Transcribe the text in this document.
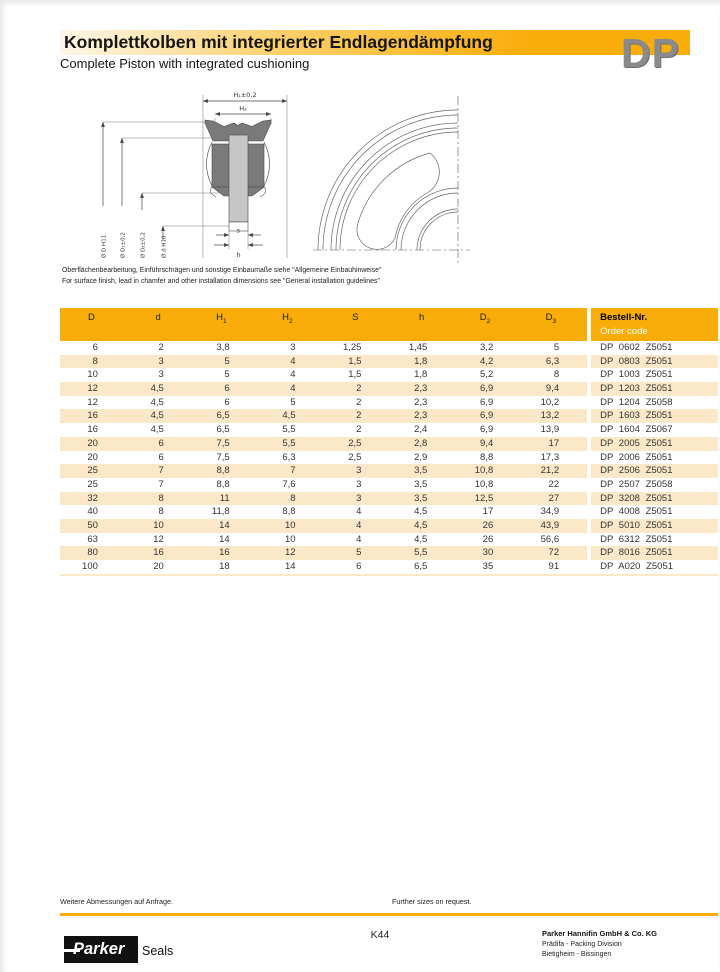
Komplettkolben mit integrierter Endlagendämpfung	DP
Complete Piston with integrated cushioning
H₁±0,2
H₂
s
h
Ø D H11 Ø D₃±0,2	Ø D₂±0,2	Ø d H10
Oberflächenbearbeitung, Einführschrägen und sonstige Einbaumaße siehe "Allgemeine Einbauhinweise"
For surface finish, lead in chamfer and other installation dimensions see "General installation guidelines"
D	d	$H_1$	$H_2$	S	h	$D_2$	$D_3$	Bestell-Nr.
Order code
6	2	3,8	3	1,25	1,45	3,2	5	DP 0602 Z5051
8	3	5	4	1,5	1,8	4,2	6,3	DP 0803 Z5051
10	3	5	4	1,5	1,8	5,2	8	DP 1003 Z5051
12	4,5	6	4	2	2,3	6,9	9,4	DP 1203 Z5051
12	4,5	6	5	2	2,3	6,9	10,2	DP 1204 Z5058
16	4,5	6,5	4,5	2	2,3	6,9	13,2	DP 1603 Z5051
16	4,5	6,5	5,5	2	2,4	6,9	13,9	DP 1604 Z5067
20	6	7,5	5,5	2,5	2,8	9,4	17	DP 2005 Z5051
20	6	7,5	6,3	2,5	2,9	8,8	17,3	DP 2006 Z5051
25	7	8,8	7	3	3,5	10,8	21,2	DP 2506 Z5051
25	7	8,8	7,6	3	3,5	10,8	22	DP 2507 Z5058
32	8	11	8	3	3,5	12,5	27	DP 3208 Z5051
40	8	11,8	8,8	4	4,5	17	34,9	DP 4008 Z5051
50	10	14	10	4	4,5	26	43,9	DP 5010 Z5051
63	12	14	10	4	4,5	26	56,6	DP 6312 Z5051
80	16	16	12	5	5,5	30	72	DP 8016 Z5051
100	20	18	14	6	6,5	35	91	DP A020 Z5051
Weitere Abmessungen auf Anfrage.	Further sizes on request.
Parker Seals
K44	Parker Hannifin GmbH & Co. KG
Prädifa - Packing Division
Bietigheim - Bissingen
